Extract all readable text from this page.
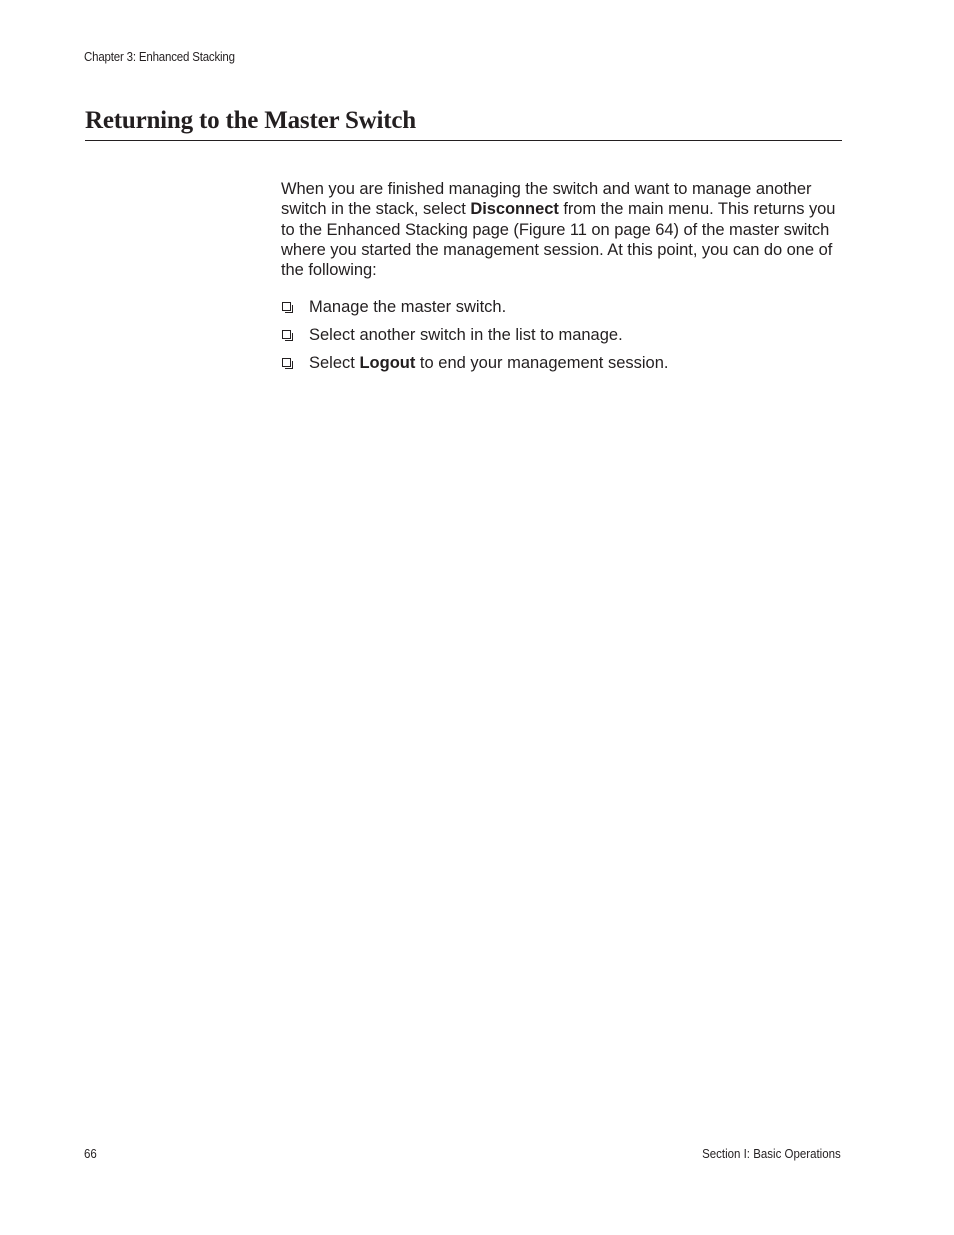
Chapter 3: Enhanced Stacking
Returning to the Master Switch

When you are finished managing the switch and want to manage another switch in the stack, select Disconnect from the main menu. This returns you to the Enhanced Stacking page (Figure 11 on page 64) of the master switch where you started the management session. At this point, you can do one of the following:

Manage the master switch.
Select another switch in the list to manage.
Select Logout to end your management session.
66	Section I: Basic Operations
